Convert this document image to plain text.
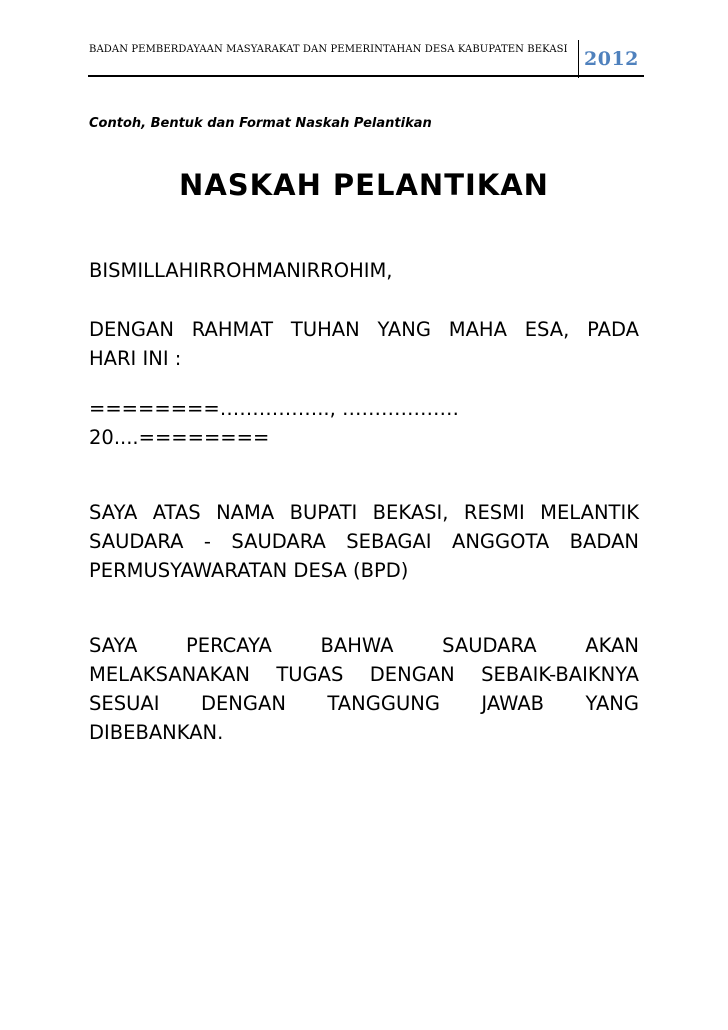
BADAN PEMBERDAYAAN MASYARAKAT DAN PEMERINTAHAN DESA KABUPATEN BEKASI 2012
Contoh, Bentuk dan Format Naskah Pelantikan
NASKAH PELANTIKAN

BISMILLAHIRROHMANIRROHIM,

DENGAN RAHMAT TUHAN YANG MAHA ESA, PADA
HARI INI :

========…………….., ………………20....========

SAYA ATAS NAMA BUPATI BEKASI, RESMI MELANTIK
SAUDARA - SAUDARA SEBAGAI ANGGOTA BADAN
PERMUSYAWARATAN DESA (BPD)

SAYA PERCAYA BAHWA SAUDARA AKAN
MELAKSANAKAN TUGAS DENGAN SEBAIK-BAIKNYA
SESUAI DENGAN TANGGUNG JAWAB YANG
DIBEBANKAN.
